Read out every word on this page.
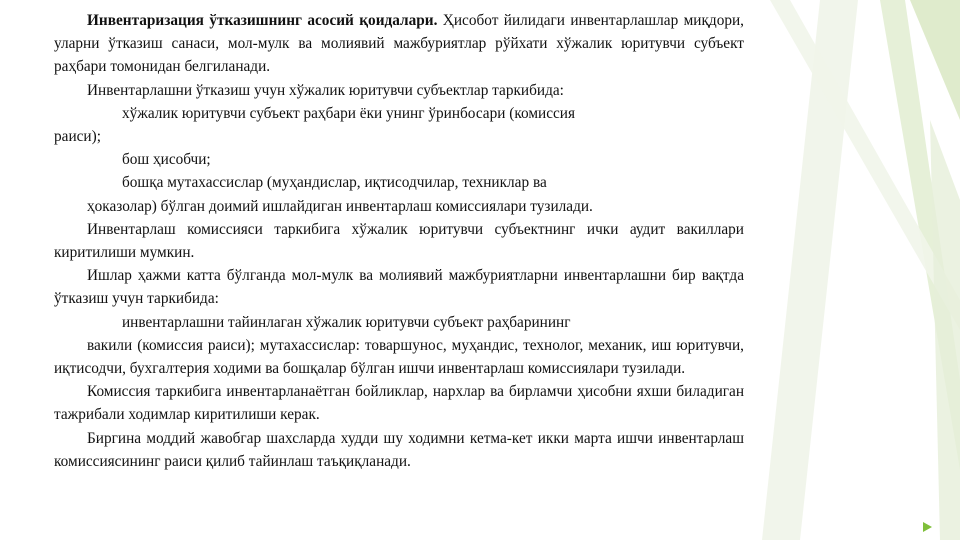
Инвентаризация ўтказишнинг асосий қоидалари. Ҳисобот йилидаги инвентарлашлар миқдори, уларни ўтказиш санаси, мол-мулк ва молиявий мажбуриятлар рўйхати хўжалик юритувчи субъект раҳбари томонидан белгиланади.

Инвентарлашни ўтказиш учун хўжалик юритувчи субъектлар таркибида:

хўжалик юритувчи субъект раҳбари ёки унинг ўринбосари (комиссия

раиси);

бош ҳисобчи;

бошқа мутахассислар (муҳандислар, иқтисодчилар, техниклар ва

ҳоказолар) бўлган доимий ишлайдиган инвентарлаш комиссиялари тузилади.

Инвентарлаш комиссияси таркибига хўжалик юритувчи субъектнинг ички аудит вакиллари киритилиши мумкин.

Ишлар ҳажми катта бўлганда мол-мулк ва молиявий мажбуриятларни инвентарлашни бир вақтда ўтказиш учун таркибида:

инвентарлашни тайинлаган хўжалик юритувчи субъект раҳбарининг

вакили (комиссия раиси); мутахассислар: товаршунос, муҳандис, технолог, механик, иш юритувчи, иқтисодчи, бухгалтерия ходими ва бошқалар бўлган ишчи инвентарлаш комиссиялари тузилади.

Комиссия таркибига инвентарланаётган бойликлар, нархлар ва бирламчи ҳисобни яхши биладиган тажрибали ходимлар киритилиши керак.

Биргина моддий жавобгар шахсларда худди шу ходимни кетма-кет икки марта ишчи инвентарлаш комиссиясининг раиси қилиб тайинлаш таъқиқланади.
